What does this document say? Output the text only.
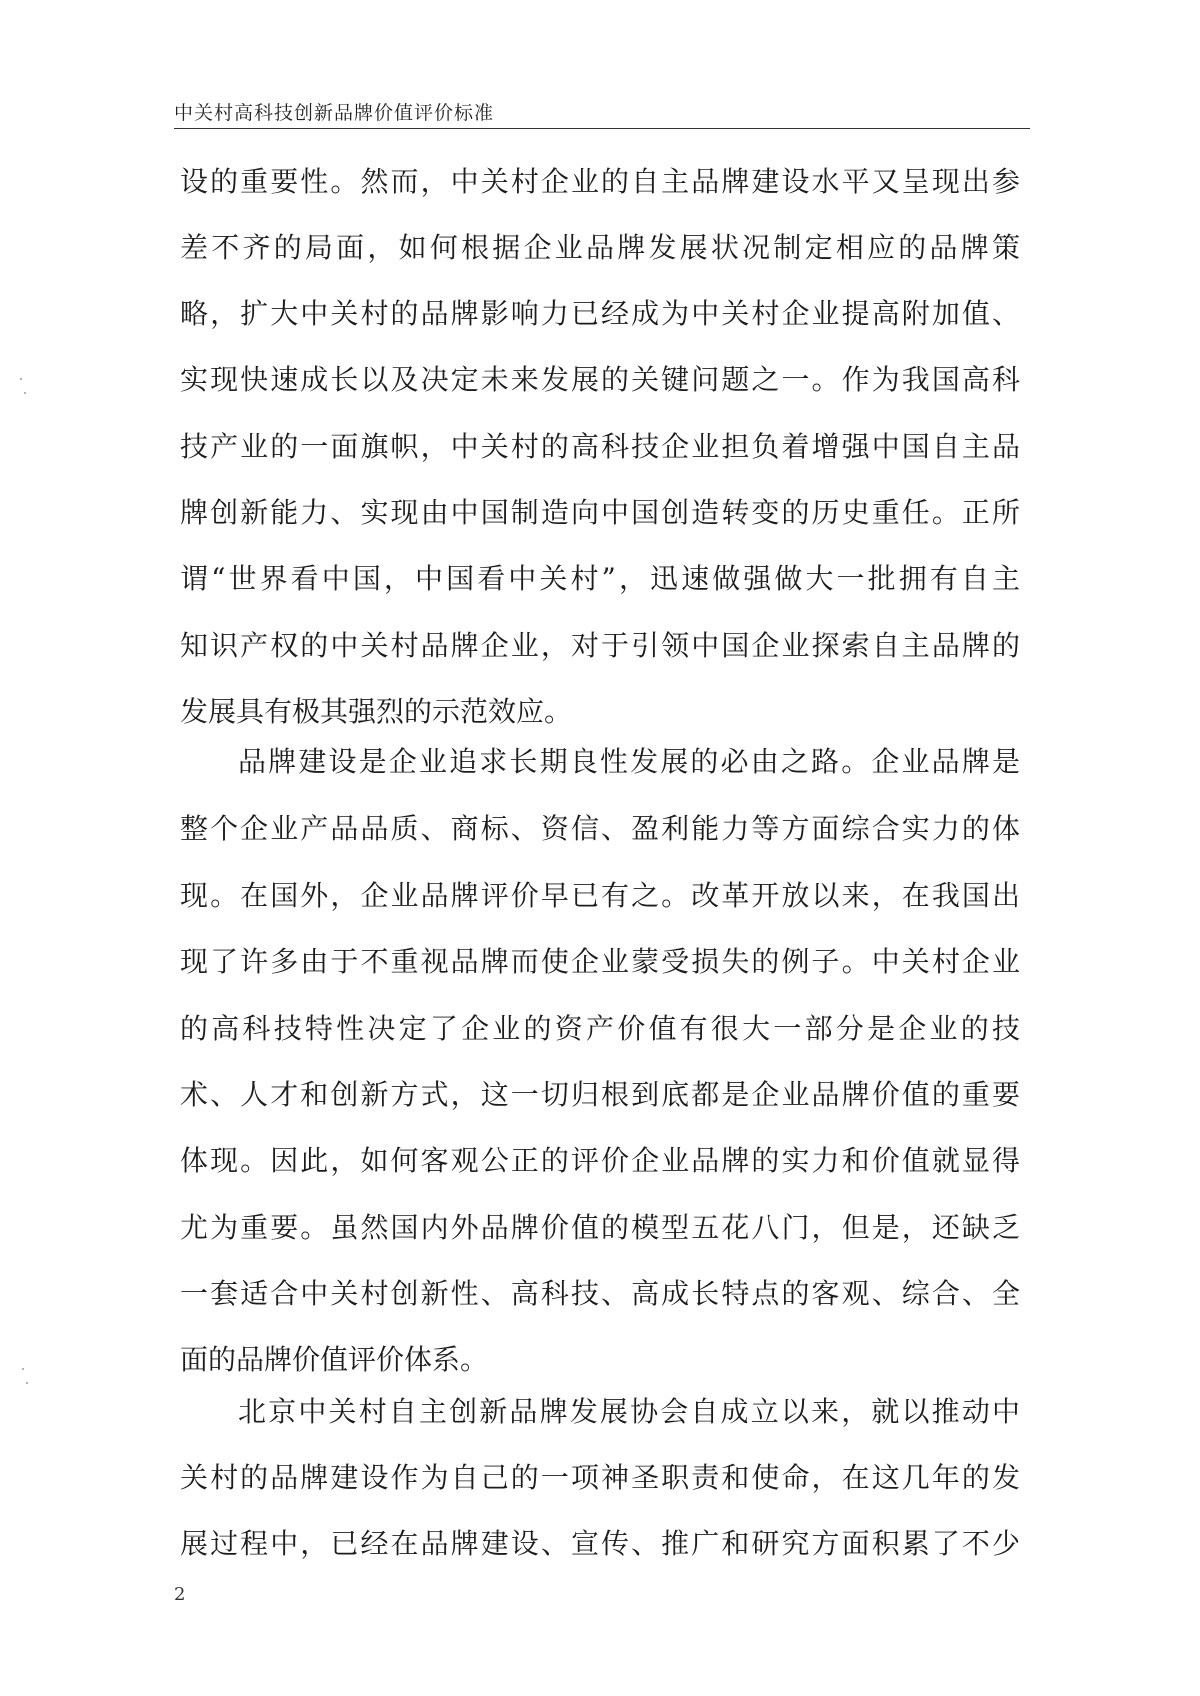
中关村高科技创新品牌价值评价标准
设的重要性。然而，中关村企业的自主品牌建设水平又呈现出参
差不齐的局面，如何根据企业品牌发展状况制定相应的品牌策
略，扩大中关村的品牌影响力已经成为中关村企业提高附加值、
实现快速成长以及决定未来发展的关键问题之一。作为我国高科
技产业的一面旗帜，中关村的高科技企业担负着增强中国自主品
牌创新能力、实现由中国制造向中国创造转变的历史重任。正所
谓“世界看中国，中国看中关村”，迅速做强做大一批拥有自主
知识产权的中关村品牌企业，对于引领中国企业探索自主品牌的
发展具有极其强烈的示范效应。
品牌建设是企业追求长期良性发展的必由之路。企业品牌是
整个企业产品品质、商标、资信、盈利能力等方面综合实力的体
现。在国外，企业品牌评价早已有之。改革开放以来，在我国出
现了许多由于不重视品牌而使企业蒙受损失的例子。中关村企业
的高科技特性决定了企业的资产价值有很大一部分是企业的技
术、人才和创新方式，这一切归根到底都是企业品牌价值的重要
体现。因此，如何客观公正的评价企业品牌的实力和价值就显得
尤为重要。虽然国内外品牌价值的模型五花八门，但是，还缺乏
一套适合中关村创新性、高科技、高成长特点的客观、综合、全
面的品牌价值评价体系。
北京中关村自主创新品牌发展协会自成立以来，就以推动中
关村的品牌建设作为自己的一项神圣职责和使命，在这几年的发
展过程中，已经在品牌建设、宣传、推广和研究方面积累了不少
2
